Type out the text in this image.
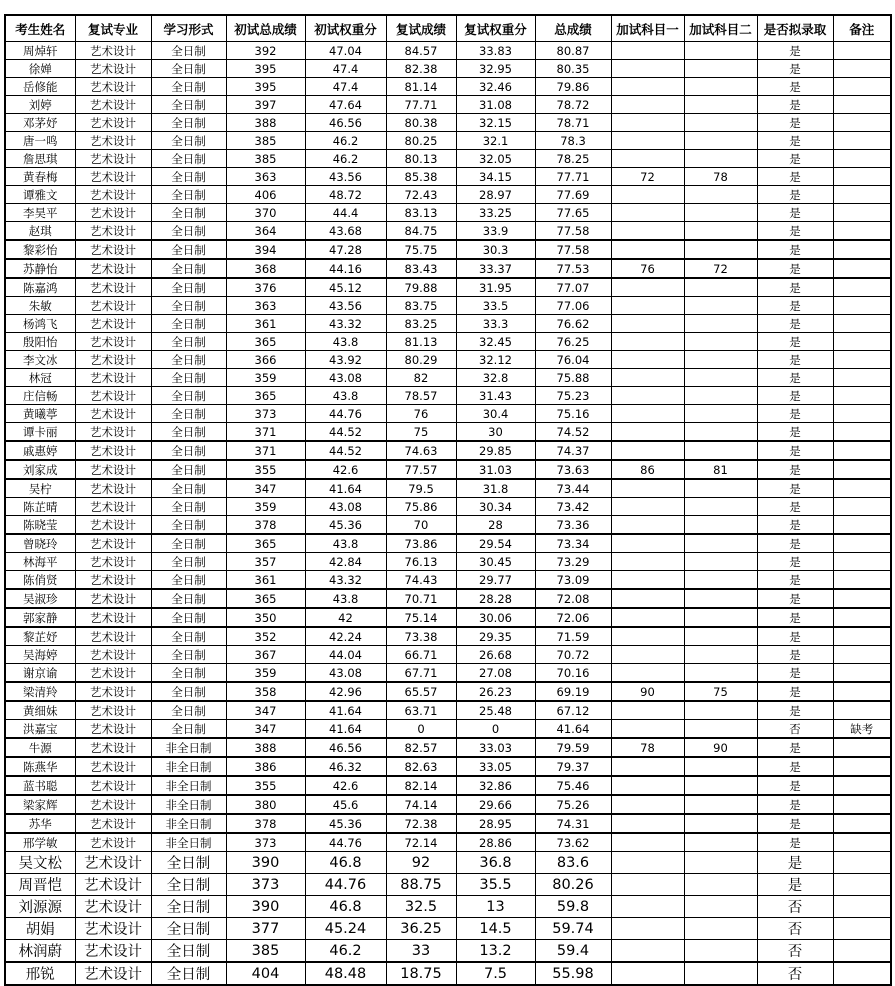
考生姓名	复试专业	学习形式	初试总成绩	初试权重分	复试成绩	复试权重分	总成绩	加试科目一	加试科目二	是否拟录取	备注
周焯轩	艺术设计	全日制	392	47.04	84.57	33.83	80.87			是	
徐婵	艺术设计	全日制	395	47.4	82.38	32.95	80.35			是	
岳修能	艺术设计	全日制	395	47.4	81.14	32.46	79.86			是	
刘婷	艺术设计	全日制	397	47.64	77.71	31.08	78.72			是	
邓茅妤	艺术设计	全日制	388	46.56	80.38	32.15	78.71			是	
唐一鸣	艺术设计	全日制	385	46.2	80.25	32.1	78.3			是	
詹思琪	艺术设计	全日制	385	46.2	80.13	32.05	78.25			是	
黄春梅	艺术设计	全日制	363	43.56	85.38	34.15	77.71	72	78	是	
谭雅文	艺术设计	全日制	406	48.72	72.43	28.97	77.69			是	
李昊平	艺术设计	全日制	370	44.4	83.13	33.25	77.65			是	
赵琪	艺术设计	全日制	364	43.68	84.75	33.9	77.58			是	
黎彩怡	艺术设计	全日制	394	47.28	75.75	30.3	77.58			是	
苏静怡	艺术设计	全日制	368	44.16	83.43	33.37	77.53	76	72	是	
陈嘉鸿	艺术设计	全日制	376	45.12	79.88	31.95	77.07			是	
朱敏	艺术设计	全日制	363	43.56	83.75	33.5	77.06			是	
杨鸿飞	艺术设计	全日制	361	43.32	83.25	33.3	76.62			是	
殷阳怡	艺术设计	全日制	365	43.8	81.13	32.45	76.25			是	
李文冰	艺术设计	全日制	366	43.92	80.29	32.12	76.04			是	
林冠	艺术设计	全日制	359	43.08	82	32.8	75.88			是	
庄信畅	艺术设计	全日制	365	43.8	78.57	31.43	75.23			是	
黄曦葶	艺术设计	全日制	373	44.76	76	30.4	75.16			是	
谭卡丽	艺术设计	全日制	371	44.52	75	30	74.52			是	
戚惠婷	艺术设计	全日制	371	44.52	74.63	29.85	74.37			是	
刘家成	艺术设计	全日制	355	42.6	77.57	31.03	73.63	86	81	是	
吴柠	艺术设计	全日制	347	41.64	79.5	31.8	73.44			是	
陈芷晴	艺术设计	全日制	359	43.08	75.86	30.34	73.42			是	
陈晓莹	艺术设计	全日制	378	45.36	70	28	73.36			是	
曾晓玲	艺术设计	全日制	365	43.8	73.86	29.54	73.34			是	
林海平	艺术设计	全日制	357	42.84	76.13	30.45	73.29			是	
陈俏贤	艺术设计	全日制	361	43.32	74.43	29.77	73.09			是	
吴淑珍	艺术设计	全日制	365	43.8	70.71	28.28	72.08			是	
郭家静	艺术设计	全日制	350	42	75.14	30.06	72.06			是	
黎芷妤	艺术设计	全日制	352	42.24	73.38	29.35	71.59			是	
吴海婷	艺术设计	全日制	367	44.04	66.71	26.68	70.72			是	
谢京谕	艺术设计	全日制	359	43.08	67.71	27.08	70.16			是	
梁清羚	艺术设计	全日制	358	42.96	65.57	26.23	69.19	90	75	是	
黄细妹	艺术设计	全日制	347	41.64	63.71	25.48	67.12			是	
洪嘉宝	艺术设计	全日制	347	41.64	0	0	41.64			否	缺考
牛源	艺术设计	非全日制	388	46.56	82.57	33.03	79.59	78	90	是	
陈燕华	艺术设计	非全日制	386	46.32	82.63	33.05	79.37			是	
蓝书聪	艺术设计	非全日制	355	42.6	82.14	32.86	75.46			是	
梁家辉	艺术设计	非全日制	380	45.6	74.14	29.66	75.26			是	
苏华	艺术设计	非全日制	378	45.36	72.38	28.95	74.31			是	
邢学敏	艺术设计	非全日制	373	44.76	72.14	28.86	73.62			是	
吴文松	艺术设计	全日制	390	46.8	92	36.8	83.6			是	
周晋恺	艺术设计	全日制	373	44.76	88.75	35.5	80.26			是	
刘源源	艺术设计	全日制	390	46.8	32.5	13	59.8			否	
胡娟	艺术设计	全日制	377	45.24	36.25	14.5	59.74			否	
林润蔚	艺术设计	全日制	385	46.2	33	13.2	59.4			否	
邢锐	艺术设计	全日制	404	48.48	18.75	7.5	55.98			否	
